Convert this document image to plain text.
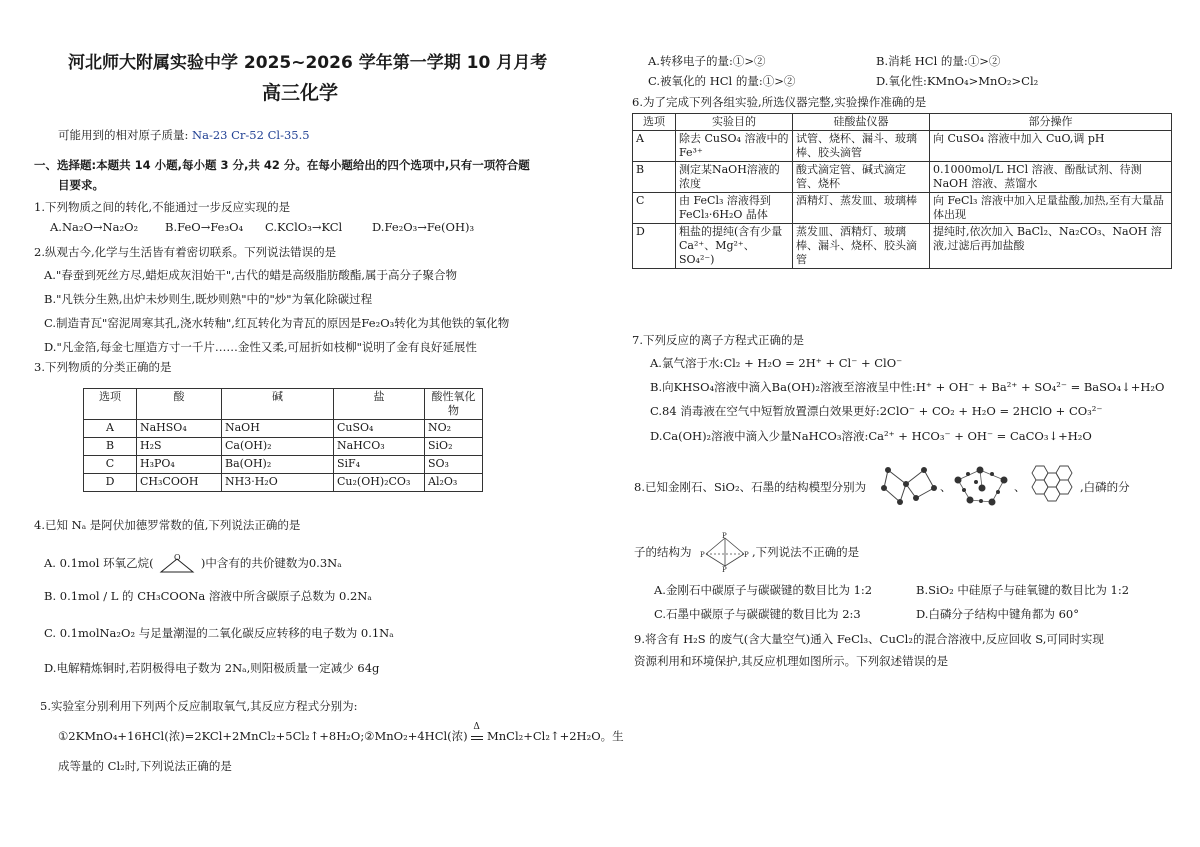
河北师大附属实验中学 2025~2026 学年第一学期 10 月月考
高三化学
可能用到的相对原子质量: Na-23 Cr-52 Cl-35.5
一、选择题:本题共 14 小题,每小题 3 分,共 42 分。在每小题给出的四个选项中,只有一项符合题
目要求。
1.下列物质之间的转化,不能通过一步反应实现的是
A.Na₂O→Na₂O₂ B.FeO→Fe₃O₄ C.KClO₃→KCl	D.Fe₂O₃→Fe(OH)₃
2.纵观古今,化学与生活皆有着密切联系。下列说法错误的是
A."春蚕到死丝方尽,蜡炬成灰泪始干",古代的蜡是高级脂肪酸酯,属于高分子聚合物
B."凡铁分生熟,出炉未炒则生,既炒则熟"中的"炒"为氧化除碳过程
C.制造青瓦"窑泥周寒其孔,浇水转釉",红瓦转化为青瓦的原因是Fe₂O₃转化为其他铁的氧化物
D."凡金箔,每金七厘造方寸一千片……金性又柔,可屈折如枝柳"说明了金有良好延展性
3.下列物质的分类正确的是
选项	酸	碱	盐	酸性氧化物
A	NaHSO₄	NaOH	CuSO₄	NO₂
B	H₂S	Ca(OH)₂	NaHCO₃	SiO₂
C	H₃PO₄	Ba(OH)₂	SiF₄	SO₃
D	CH₃COOH	NH3·H₂O	Cu₂(OH)₂CO₃	Al₂O₃
4.已知 Nₐ 是阿伏加德罗常数的值,下列说法正确的是
A. 0.1mol 环氧乙烷(	O )中含有的共价键数为0.3Nₐ
B. 0.1mol / L 的 CH₃COONa 溶液中所含碳原子总数为 0.2Nₐ
C. 0.1molNa₂O₂ 与足量潮湿的二氧化碳反应转移的电子数为 0.1Nₐ
D.电解精炼铜时,若阴极得电子数为 2Nₐ,则阳极质量一定减少 64g
5.实验室分别利用下列两个反应制取氧气,其反应方程式分别为:
①2KMnO₄+16HCl(浓)=2KCl+2MnCl₂+5Cl₂↑+8H₂O;②MnO₂+4HCl(浓)
Δ
MnCl₂+Cl₂↑+2H₂O。生
成等量的 Cl₂时,下列说法正确的是
A.转移电子的量:①>②	B.消耗 HCl 的量:①>②
C.被氧化的 HCl 的量:①>②	D.氧化性:KMnO₄>MnO₂>Cl₂
6.为了完成下列各组实验,所选仪器完整,实验操作准确的是
选项	实验目的	硅酸盐仪器	部分操作
A	除去 CuSO₄ 溶液中的 Fe³⁺	试管、烧杯、漏斗、玻璃棒、胶头滴管	向 CuSO₄ 溶液中加入 CuO,调 pH
B	测定某NaOH溶液的浓度	酸式滴定管、碱式滴定管、烧杯	0.1000mol/L HCl 溶液、酚酞试剂、待测 NaOH 溶液、蒸馏水
C	由 FeCl₃ 溶液得到 FeCl₃·6H₂O 晶体	酒精灯、蒸发皿、玻璃棒	向 FeCl₃ 溶液中加入足量盐酸,加热,至有大量晶体出现
D	粗盐的提纯(含有少量 Ca²⁺、Mg²⁺、SO₄²⁻)	蒸发皿、酒精灯、玻璃棒、漏斗、烧杯、胶头滴管	提纯时,依次加入 BaCl₂、Na₂CO₃、NaOH 溶液,过滤后再加盐酸
7.下列反应的离子方程式正确的是
A.氯气溶于水:Cl₂ + H₂O = 2H⁺ + Cl⁻ + ClO⁻
B.向KHSO₄溶液中滴入Ba(OH)₂溶液至溶液呈中性:H⁺ + OH⁻ + Ba²⁺ + SO₄²⁻ = BaSO₄↓+H₂O
C.84 消毒液在空气中短暂放置漂白效果更好:2ClO⁻ + CO₂ + H₂O = 2HClO + CO₃²⁻
D.Ca(OH)₂溶液中滴入少量NaHCO₃溶液:Ca²⁺ + HCO₃⁻ + OH⁻ = CaCO₃↓+H₂O
8.已知金刚石、SiO₂、石墨的结构模型分别为	、	、	,白磷的分
子的结构为
P
P	P
P
,下列说法不正确的是
A.金刚石中碳原子与碳碳键的数目比为 1:2	B.SiO₂ 中硅原子与硅氧键的数目比为 1:2
C.石墨中碳原子与碳碳键的数目比为 2:3	D.白磷分子结构中键角都为 60°
9.将含有 H₂S 的废气(含大量空气)通入 FeCl₃、CuCl₂的混合溶液中,反应回收 S,可同时实现
资源利用和环境保护,其反应机理如图所示。下列叙述错误的是
